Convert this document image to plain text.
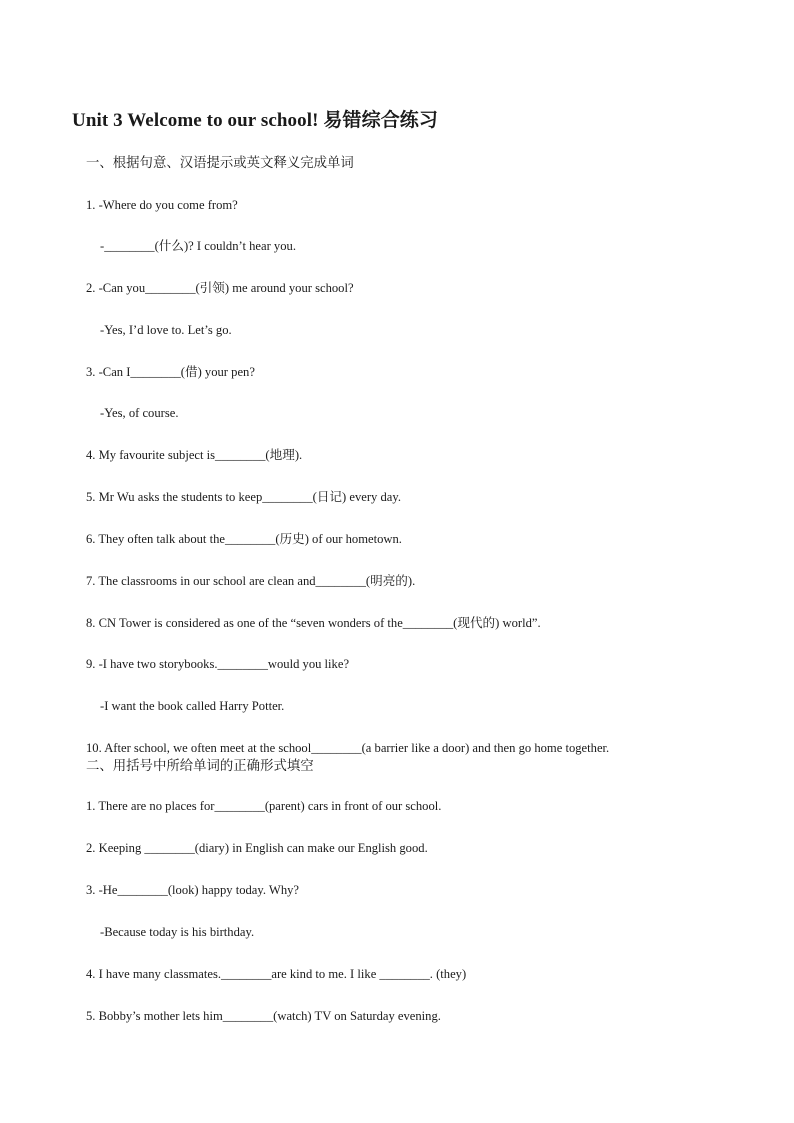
Unit 3 Welcome to our school! 易错综合练习
一、根据句意、汉语提示或英文释义完成单词
1. -Where do you come from?
-________(什么)? I couldn’t hear you.
2. -Can you________(引领) me around your school?
-Yes, I’d love to. Let’s go.
3. -Can I________(借) your pen?
-Yes, of course.
4. My favourite subject is________(地理).
5. Mr Wu asks the students to keep________(日记) every day.
6. They often talk about the________(历史) of our hometown.
7. The classrooms in our school are clean and________(明亮的).
8. CN Tower is considered as one of the “seven wonders of the________(现代的) world”.
9. -I have two storybooks.________would you like?
-I want the book called Harry Potter.
10. After school, we often meet at the school________(a barrier like a door) and then go home together.
二、用括号中所给单词的正确形式填空
1. There are no places for________(parent) cars in front of our school.
2. Keeping ________(diary) in English can make our English good.
3. -He________(look) happy today. Why?
-Because today is his birthday.
4. I have many classmates.________are kind to me. I like ________. (they)
5. Bobby’s mother lets him________(watch) TV on Saturday evening.
